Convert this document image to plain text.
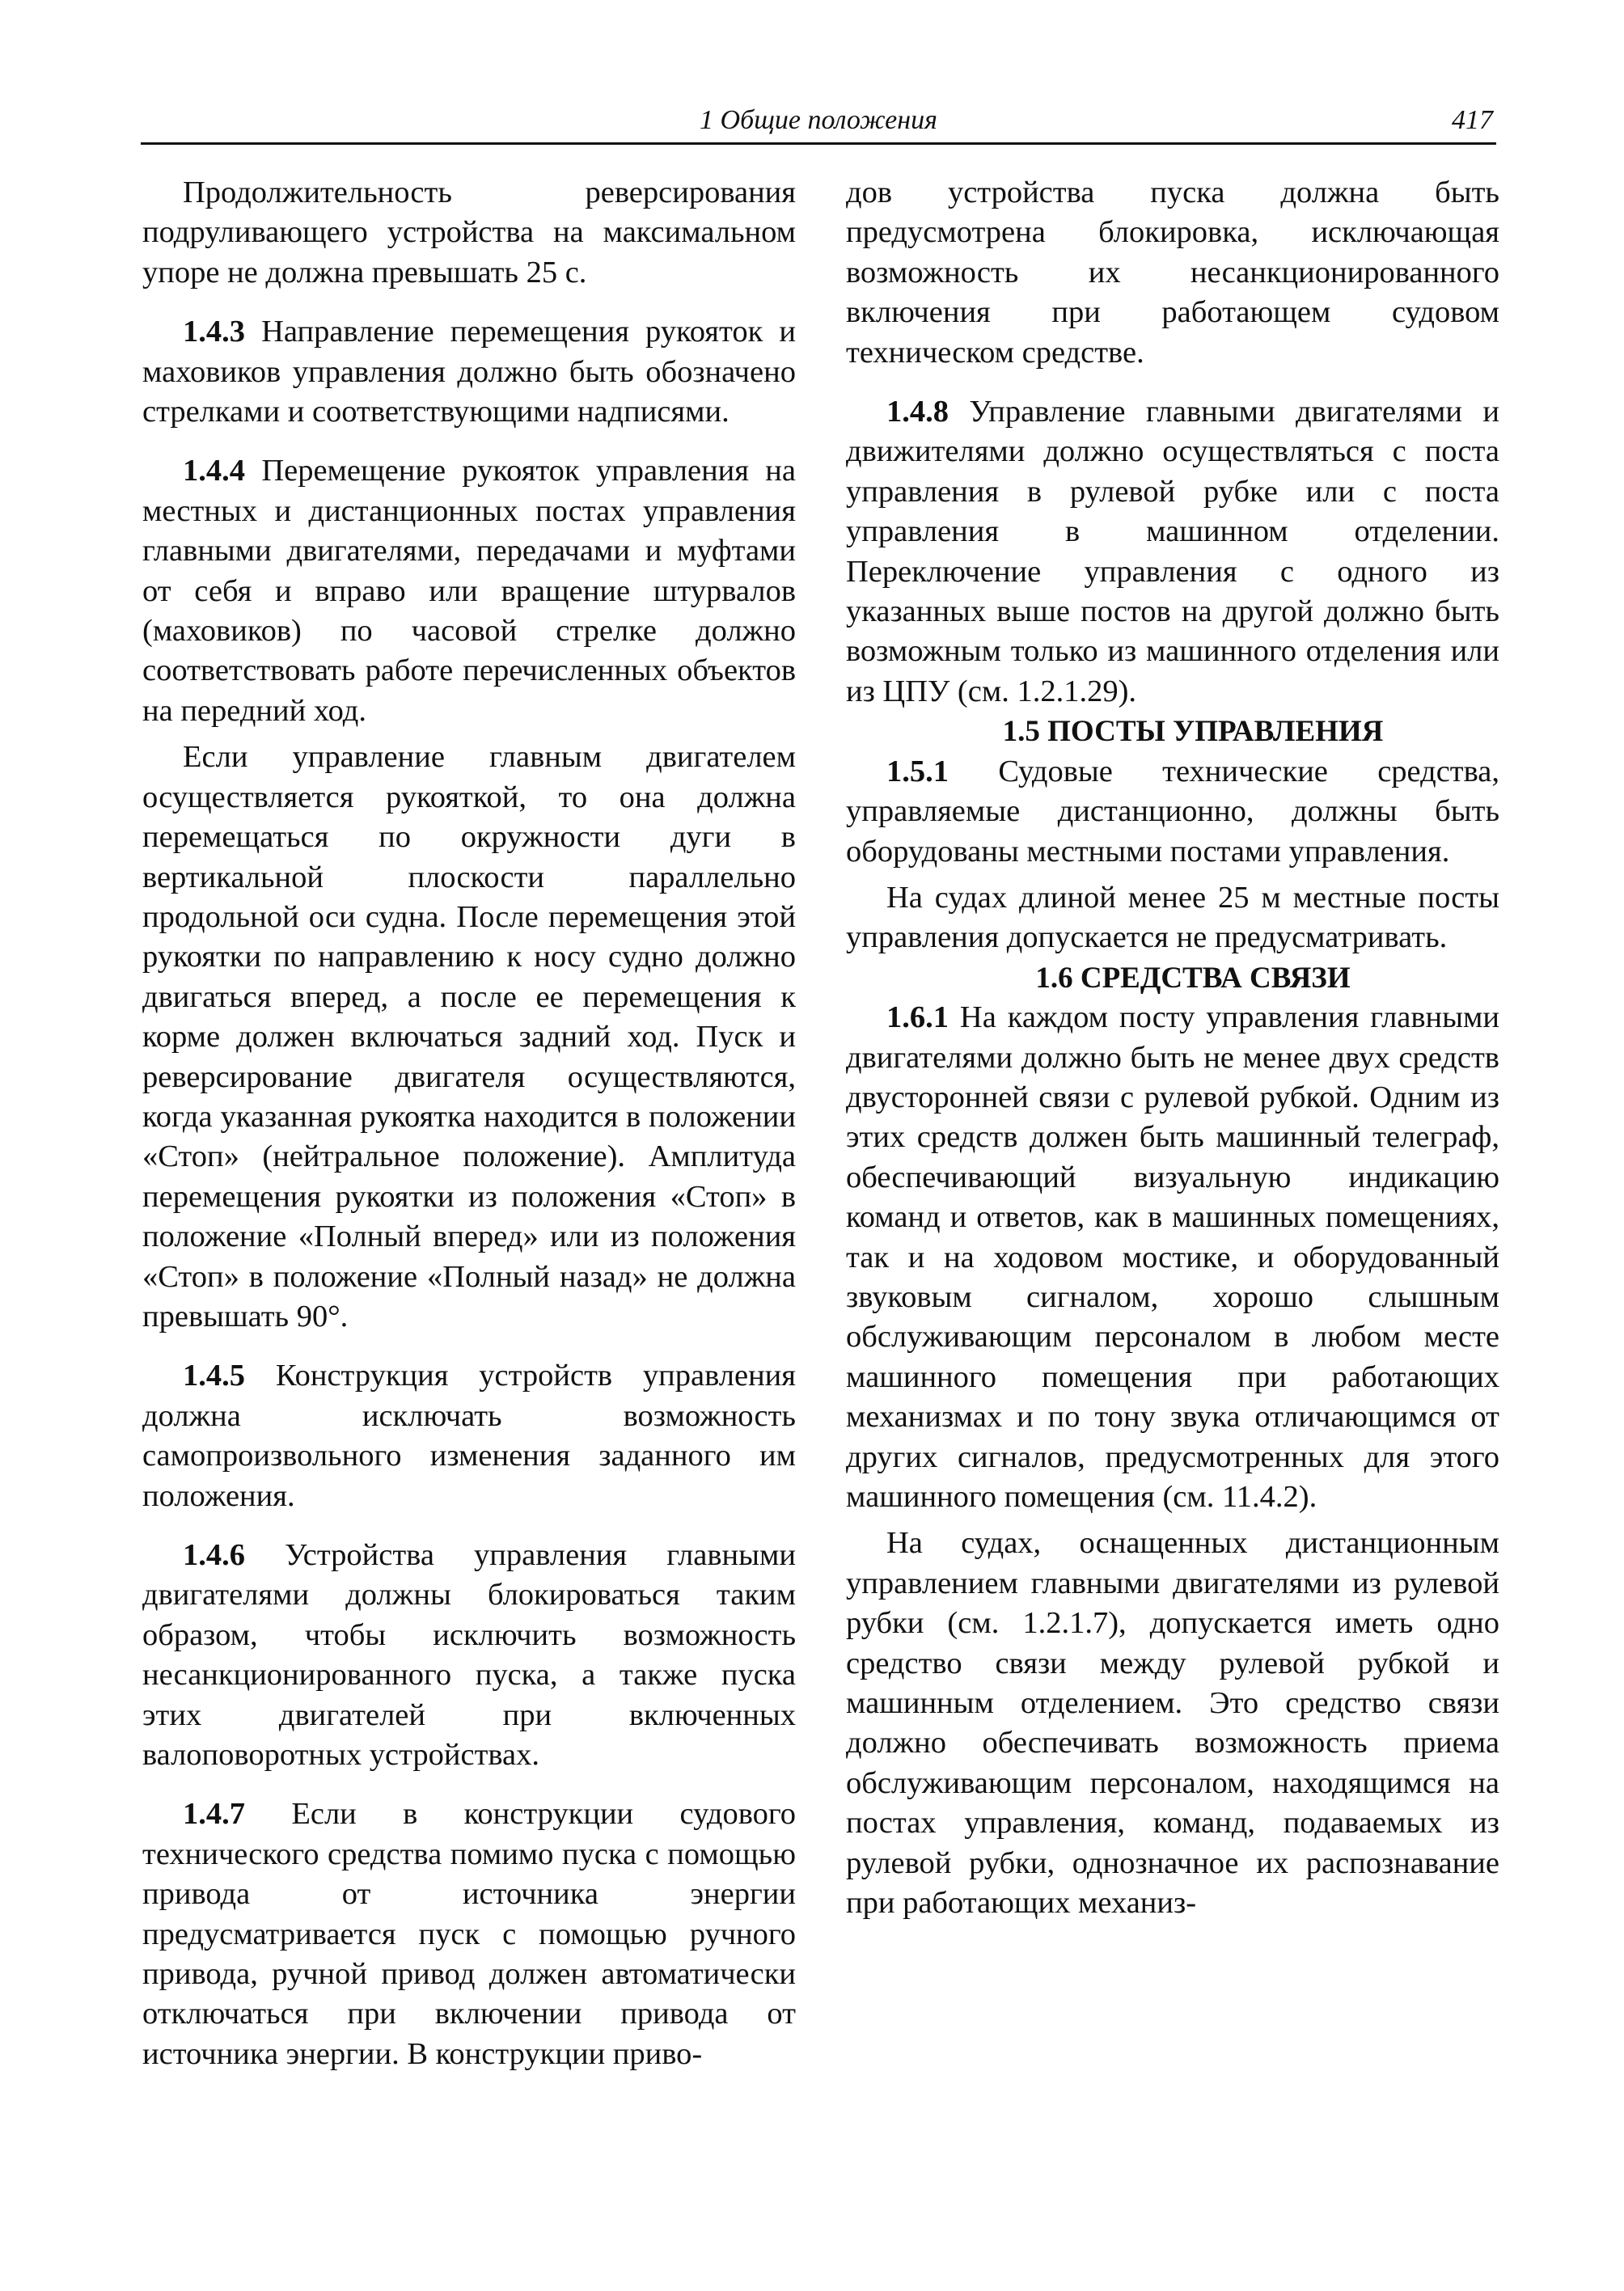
1 Общие положения	417

Продолжительность реверсирования подруливающего устройства на максимальном упоре не должна превышать 25 с.

1.4.3 Направление перемещения рукояток и маховиков управления должно быть обозначено стрелками и соответствующими надписями.

1.4.4 Перемещение рукояток управления на местных и дистанционных постах управления главными двигателями, передачами и муфтами от себя и вправо или вращение штурвалов (маховиков) по часовой стрелке должно соответствовать работе перечисленных объектов на передний ход.

Если управление главным двигателем осуществляется рукояткой, то она должна перемещаться по окружности дуги в вертикальной плоскости параллельно продольной оси судна. После перемещения этой рукоятки по направлению к носу судно должно двигаться вперед, а после ее перемещения к корме должен включаться задний ход. Пуск и реверсирование двигателя осуществляются, когда указанная рукоятка находится в положении «Стоп» (нейтральное положение). Амплитуда перемещения рукоятки из положения «Стоп» в положение «Полный вперед» или из положения «Стоп» в положение «Полный назад» не должна превышать 90°.

1.4.5 Конструкция устройств управления должна исключать возможность самопроизвольного изменения заданного им положения.

1.4.6 Устройства управления главными двигателями должны блокироваться таким образом, чтобы исключить возможность несанкционированного пуска, а также пуска этих двигателей при включенных валоповоротных устройствах.

1.4.7 Если в конструкции судового технического средства помимо пуска с помощью привода от источника энергии предусматривается пуск с помощью ручного привода, ручной привод должен автоматически отключаться при включении привода от источника энергии. В конструкции приво-

дов устройства пуска должна быть предусмотрена блокировка, исключающая возможность их несанкционированного включения при работающем судовом техническом средстве.

1.4.8 Управление главными двигателями и движителями должно осуществляться с поста управления в рулевой рубке или с поста управления в машинном отделении. Переключение управления с одного из указанных выше постов на другой должно быть возможным только из машинного отделения или из ЦПУ (см. 1.2.1.29).

1.5 ПОСТЫ УПРАВЛЕНИЯ

1.5.1 Судовые технические средства, управляемые дистанционно, должны быть оборудованы местными постами управления.

На судах длиной менее 25 м местные посты управления допускается не предусматривать.

1.6 СРЕДСТВА СВЯЗИ

1.6.1 На каждом посту управления главными двигателями должно быть не менее двух средств двусторонней связи с рулевой рубкой. Одним из этих средств должен быть машинный телеграф, обеспечивающий визуальную индикацию команд и ответов, как в машинных помещениях, так и на ходовом мостике, и оборудованный звуковым сигналом, хорошо слышным обслуживающим персоналом в любом месте машинного помещения при работающих механизмах и по тону звука отличающимся от других сигналов, предусмотренных для этого машинного помещения (см. 11.4.2).

На судах, оснащенных дистанционным управлением главными двигателями из рулевой рубки (см. 1.2.1.7), допускается иметь одно средство связи между рулевой рубкой и машинным отделением. Это средство связи должно обеспечивать возможность приема обслуживающим персоналом, находящимся на постах управления, команд, подаваемых из рулевой рубки, однозначное их распознавание при работающих механиз-
